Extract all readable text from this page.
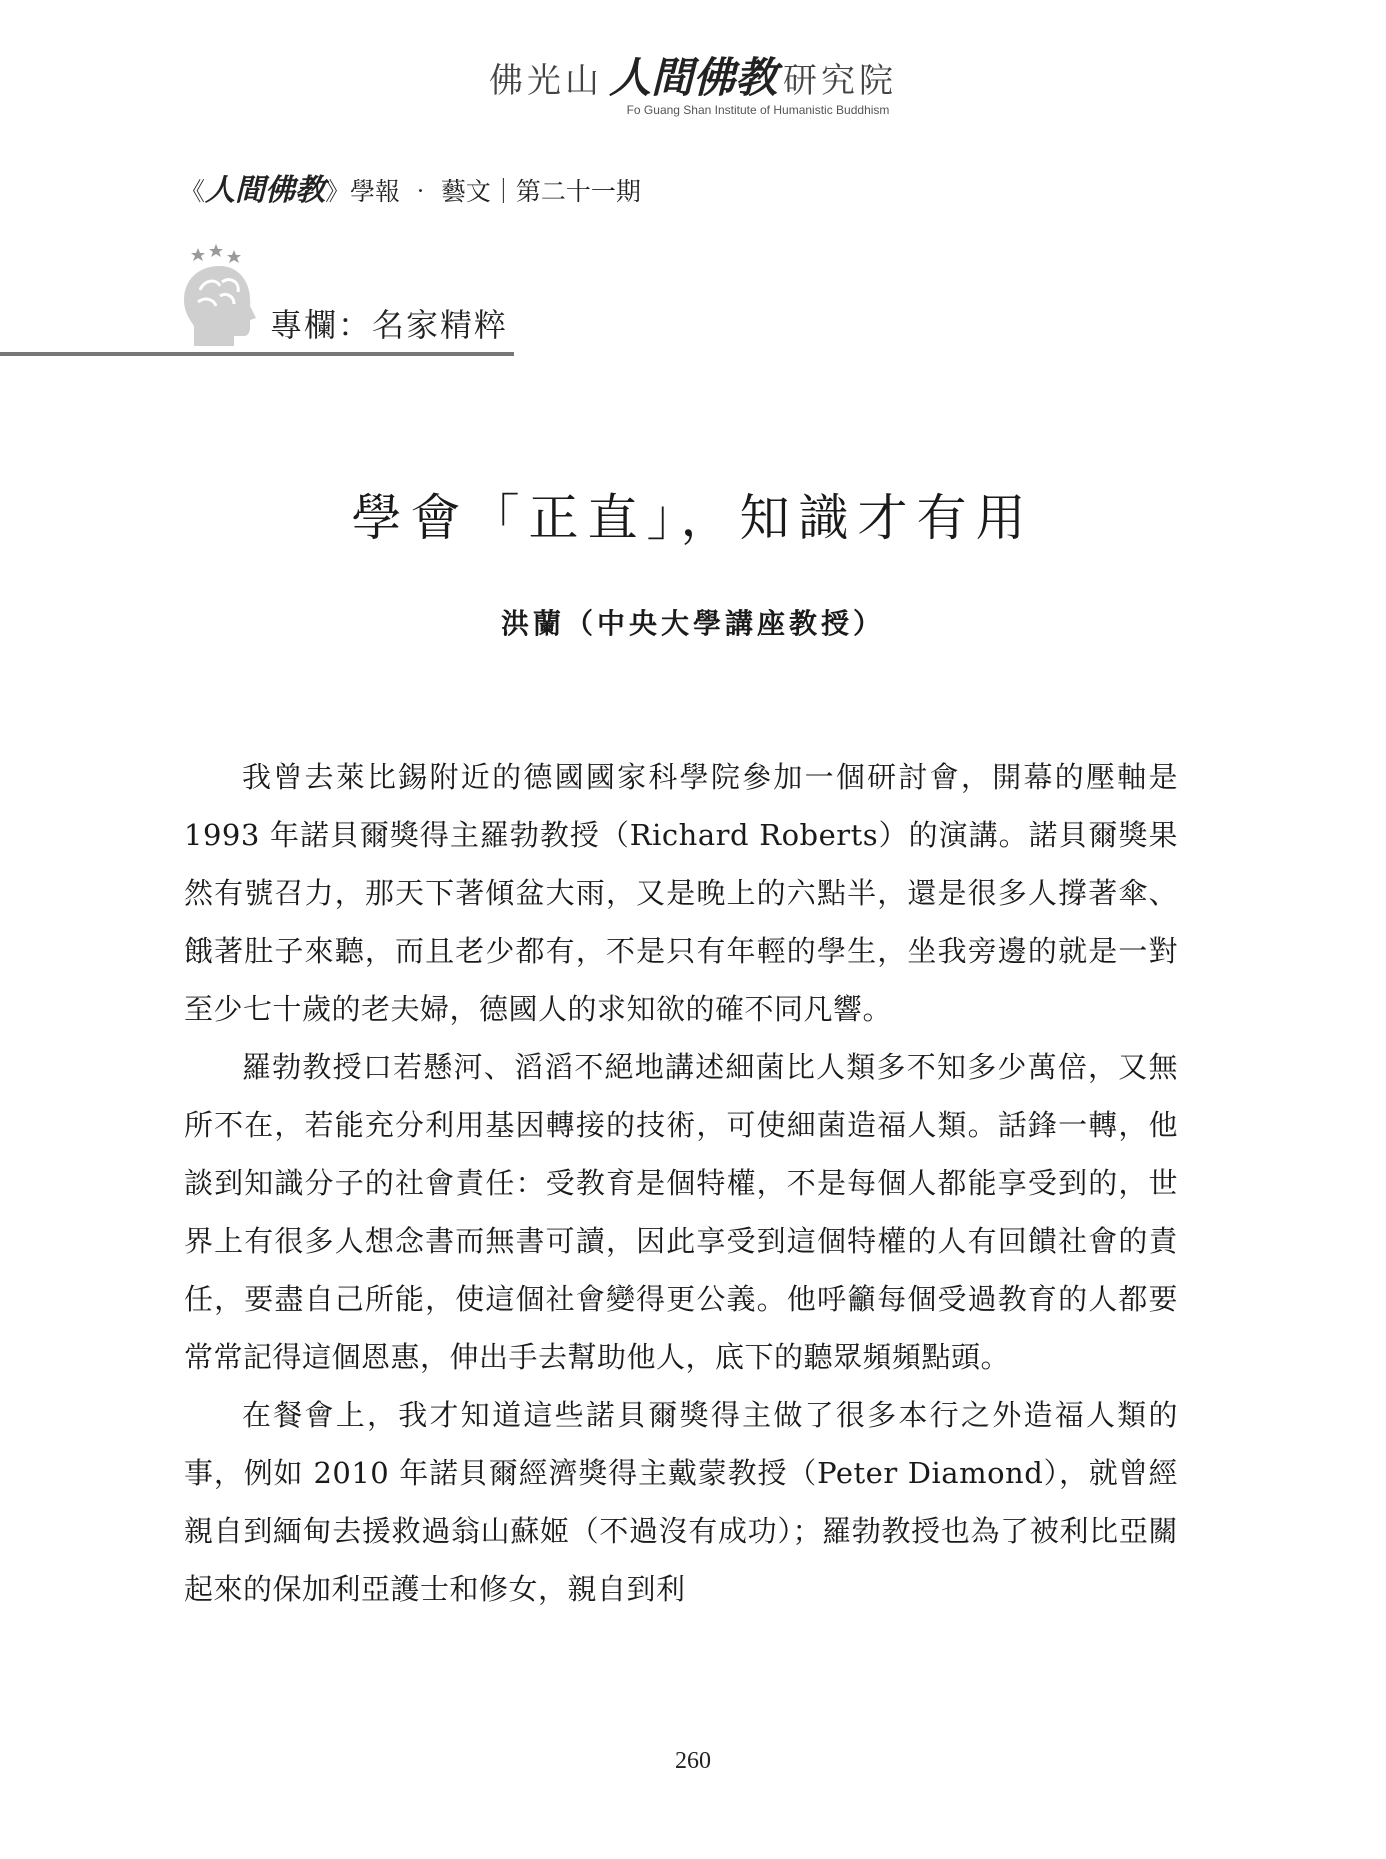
佛光山 人間佛教 研究院
Fo Guang Shan Institute of Humanistic Buddhism
《人間佛教》學報 ‧ 藝文｜第二十一期
專欄：名家精粹
學會「正直」，知識才有用
洪蘭（中央大學講座教授）

我曾去萊比錫附近的德國國家科學院參加一個研討會，開幕的壓軸是 1993 年諾貝爾獎得主羅勃教授（Richard Roberts）的演講。諾貝爾獎果然有號召力，那天下著傾盆大雨，又是晚上的六點半，還是很多人撐著傘、餓著肚子來聽，而且老少都有，不是只有年輕的學生，坐我旁邊的就是一對至少七十歲的老夫婦，德國人的求知欲的確不同凡響。

羅勃教授口若懸河、滔滔不絕地講述細菌比人類多不知多少萬倍，又無所不在，若能充分利用基因轉接的技術，可使細菌造福人類。話鋒一轉，他談到知識分子的社會責任：受教育是個特權，不是每個人都能享受到的，世界上有很多人想念書而無書可讀，因此享受到這個特權的人有回饋社會的責任，要盡自己所能，使這個社會變得更公義。他呼籲每個受過教育的人都要常常記得這個恩惠，伸出手去幫助他人，底下的聽眾頻頻點頭。

在餐會上，我才知道這些諾貝爾獎得主做了很多本行之外造福人類的事，例如 2010 年諾貝爾經濟獎得主戴蒙教授（Peter Diamond），就曾經親自到緬甸去援救過翁山蘇姬（不過沒有成功）；羅勃教授也為了被利比亞關起來的保加利亞護士和修女，親自到利

260
